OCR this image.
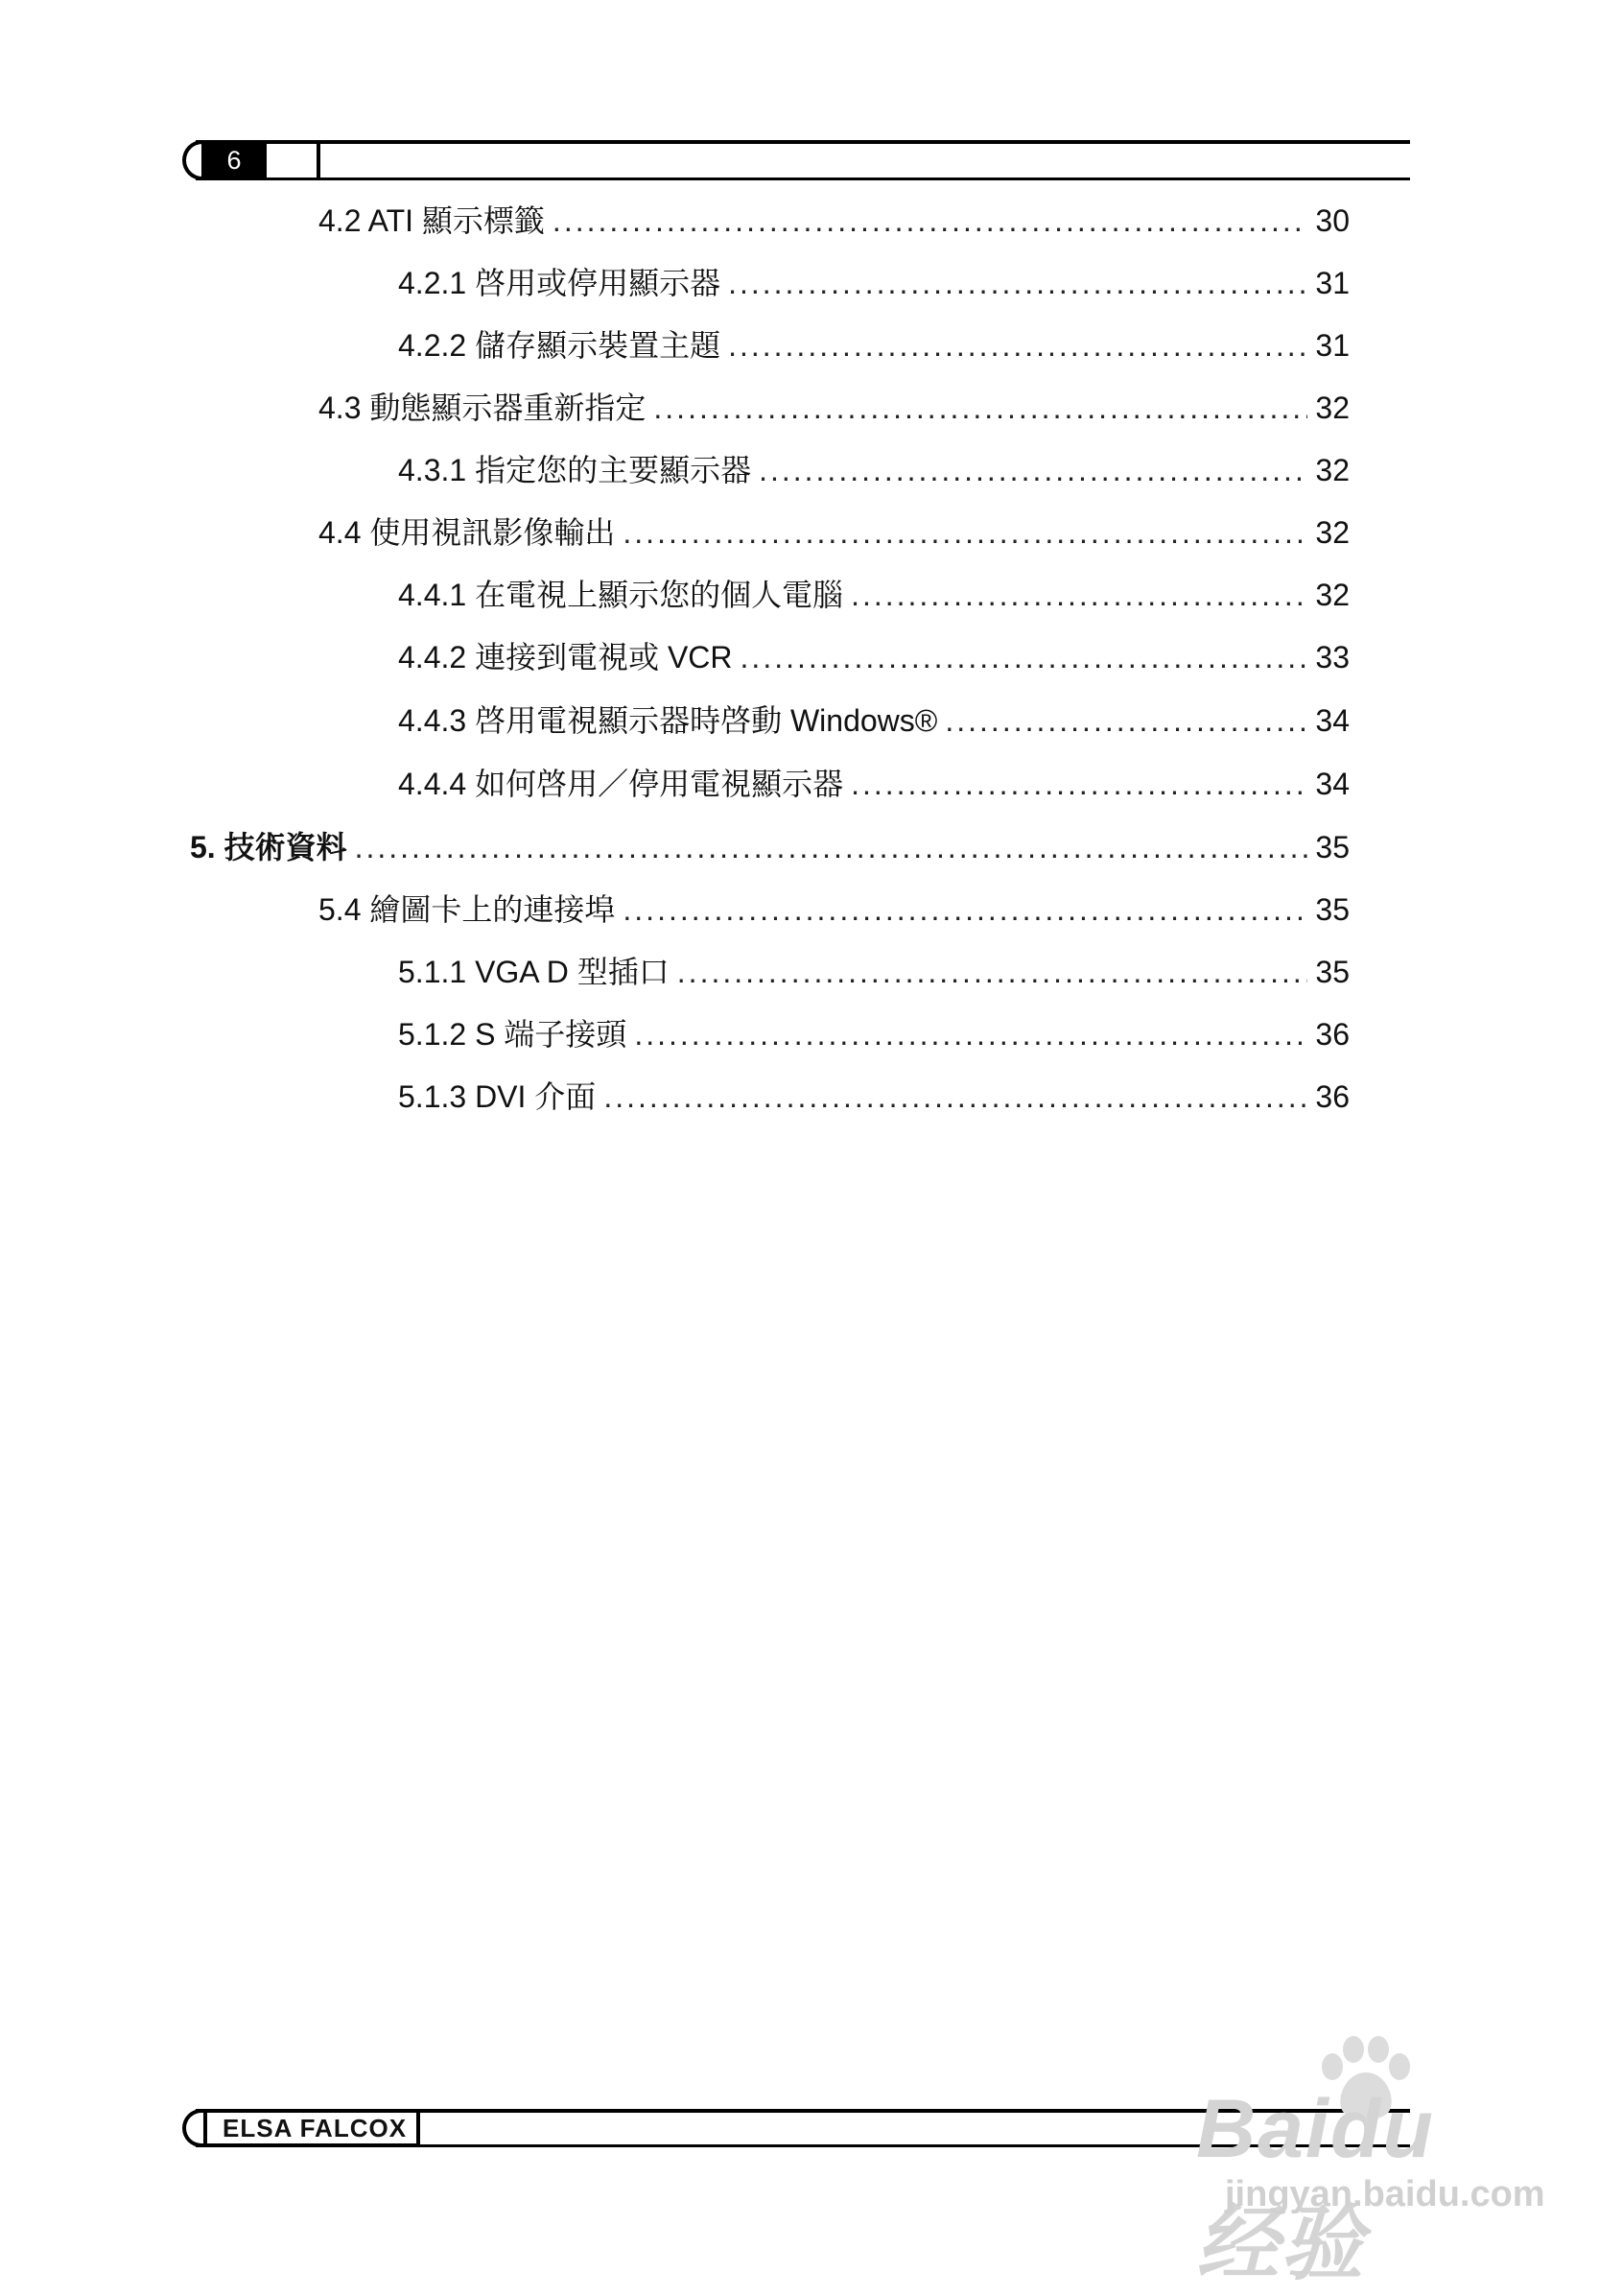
6
4.2 ATI 顯示標籤 .....	30
4.2.1 啓用或停用顯示器 .....	31
4.2.2 儲存顯示裝置主題 .....	31
4.3 動態顯示器重新指定 .....	32
4.3.1 指定您的主要顯示器 .....	32
4.4 使用視訊影像輸出 .....	32
4.4.1 在電視上顯示您的個人電腦 .....	32
4.4.2 連接到電視或 VCR .....	33
4.4.3 啓用電視顯示器時啓動 Windows® .....	34
4.4.4 如何啓用／停用電視顯示器 .....	34
5. 技術資料 .....	35
5.4 繪圖卡上的連接埠 .....	35
5.1.1 VGA D 型插口 .....	35
5.1.2 S 端子接頭 .....	36
5.1.3 DVI 介面 .....	36
ELSA FALCOX	Baidu经验
jingyan.baidu.com
